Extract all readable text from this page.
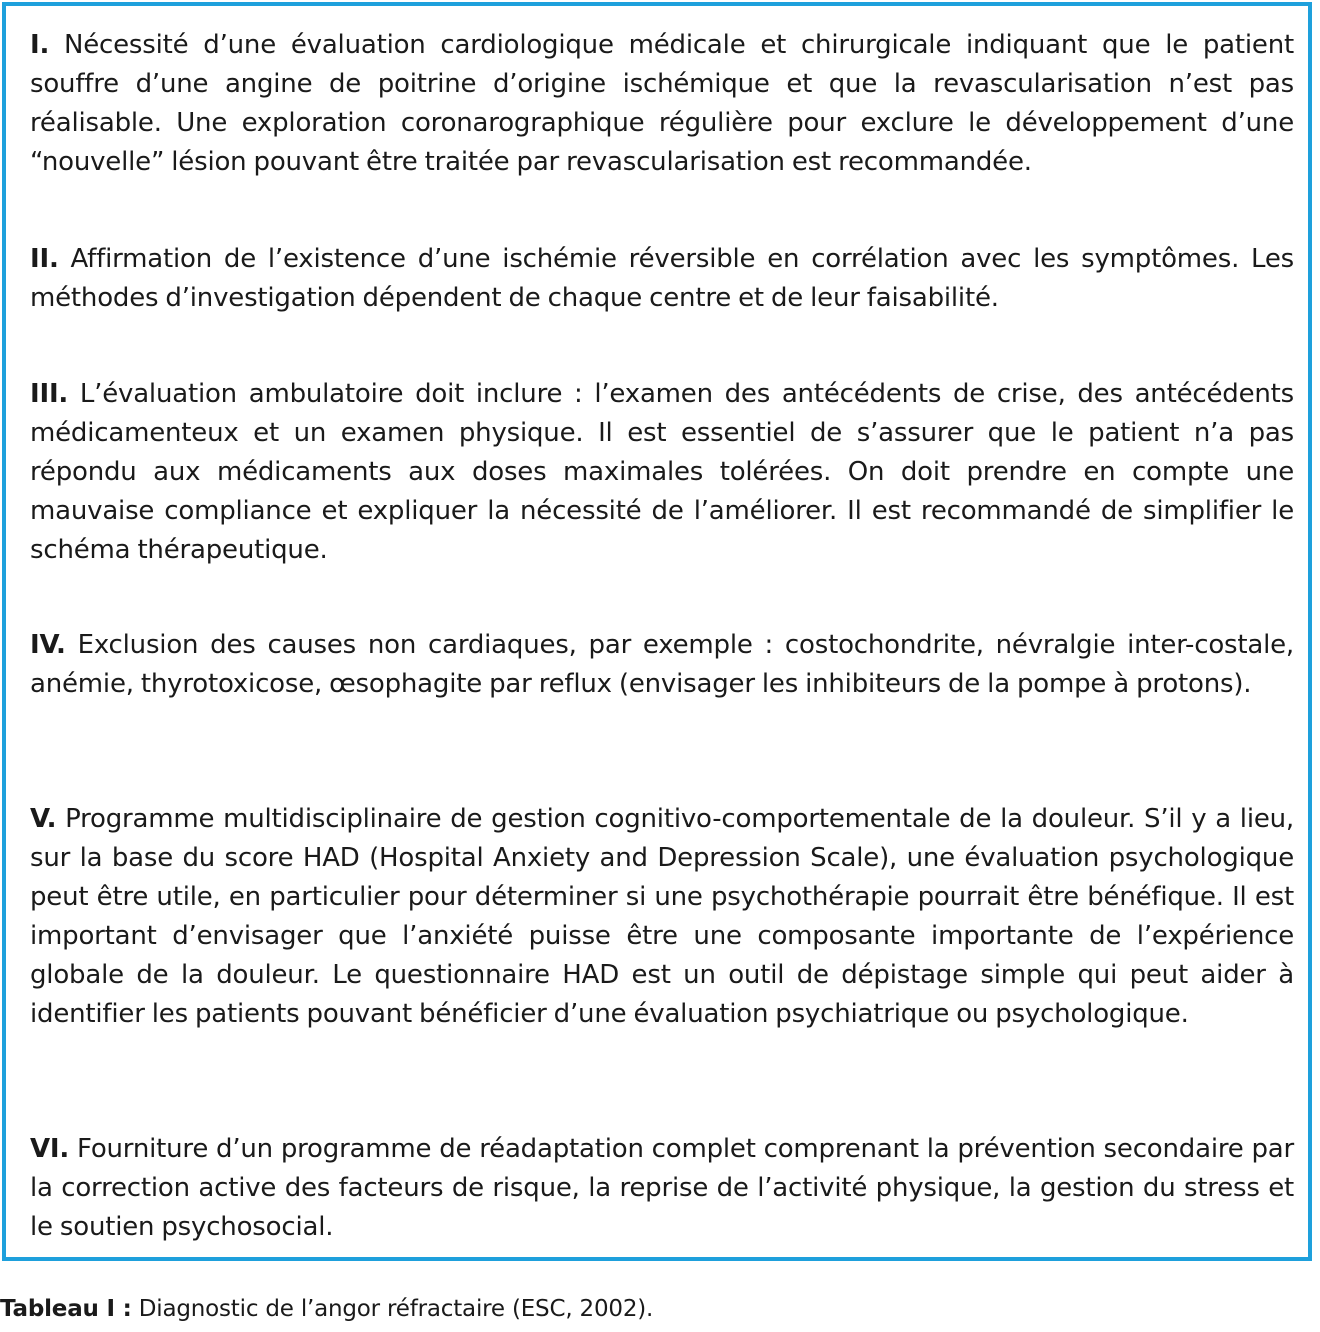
I. Nécessité d’une évaluation cardiologique médicale et chirurgicale indiquant que le patient souffre d’une angine de poitrine d’origine ischémique et que la revascularisation n’est pas réalisable. Une exploration coronarographique régulière pour exclure le développement d’une “nouvelle” lésion pouvant être traitée par revascularisation est recommandée.

II. Affirmation de l’existence d’une ischémie réversible en corrélation avec les symptômes. Les méthodes d’investigation dépendent de chaque centre et de leur faisabilité.

III. L’évaluation ambulatoire doit inclure : l’examen des antécédents de crise, des antécédents médicamenteux et un examen physique. Il est essentiel de s’assurer que le patient n’a pas répondu aux médicaments aux doses maximales tolérées. On doit prendre en compte une mauvaise compliance et expliquer la nécessité de l’améliorer. Il est recommandé de simplifier le schéma thérapeutique.

IV. Exclusion des causes non cardiaques, par exemple : costochondrite, névralgie inter-costale, anémie, thyrotoxicose, œsophagite par reflux (envisager les inhibiteurs de la pompe à protons).

V. Programme multidisciplinaire de gestion cognitivo-comportementale de la douleur. S’il y a lieu, sur la base du score HAD (Hospital Anxiety and Depression Scale), une évaluation psychologique peut être utile, en particulier pour déterminer si une psychothérapie pourrait être bénéfique. Il est important d’envisager que l’anxiété puisse être une composante importante de l’expérience globale de la douleur. Le questionnaire HAD est un outil de dépistage simple qui peut aider à identifier les patients pouvant bénéficier d’une évaluation psychiatrique ou psychologique.

VI. Fourniture d’un programme de réadaptation complet comprenant la prévention secondaire par la correction active des facteurs de risque, la reprise de l’activité physique, la gestion du stress et le soutien psychosocial.

Tableau I : Diagnostic de l’angor réfractaire (ESC, 2002).
